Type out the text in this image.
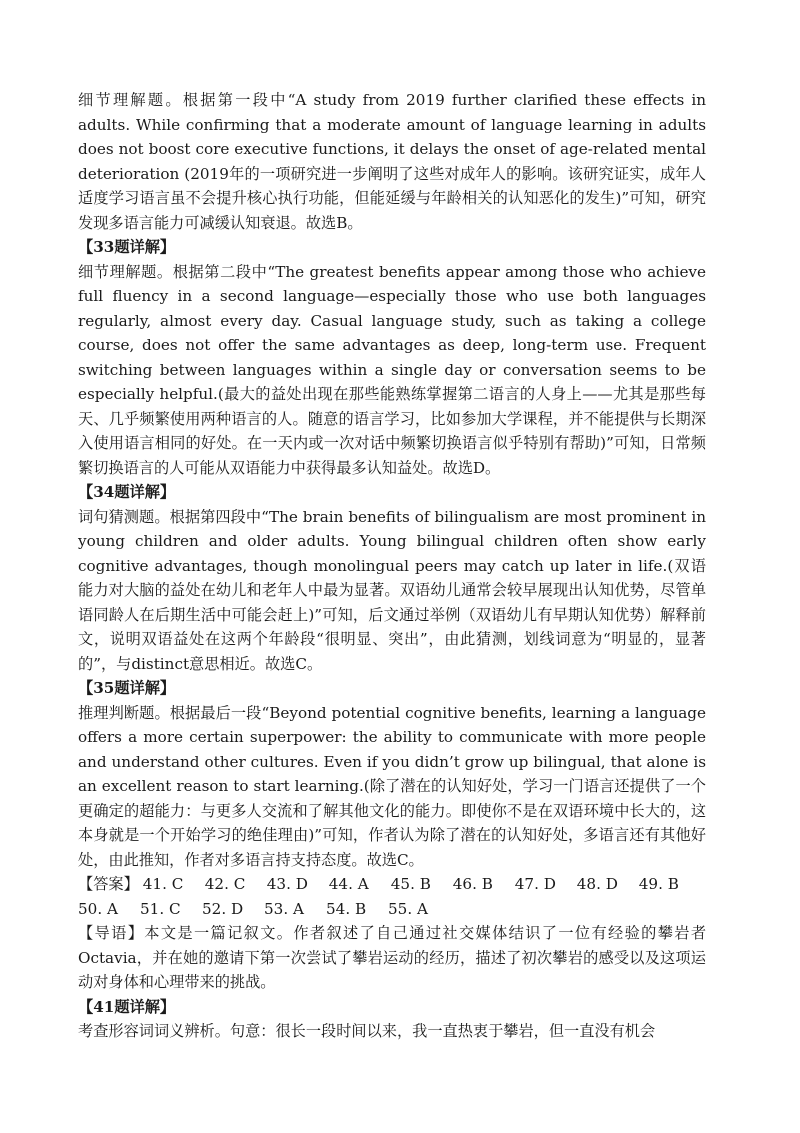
细节理解题。根据第一段中“A study from 2019 further clarified these effects in adults. While confirming that a moderate amount of language learning in adults does not boost core executive functions, it delays the onset of age-related mental deterioration (2019年的一项研究进一步阐明了这些对成年人的影响。该研究证实，成年人适度学习语言虽不会提升核心执行功能，但能延缓与年龄相关的认知恶化的发生)”可知，研究发现多语言能力可减缓认知衰退。故选B。

【33题详解】

细节理解题。根据第二段中“The greatest benefits appear among those who achieve full fluency in a second language—especially those who use both languages regularly, almost every day. Casual language study, such as taking a college course, does not offer the same advantages as deep, long-term use. Frequent switching between languages within a single day or conversation seems to be especially helpful.(最大的益处出现在那些能熟练掌握第二语言的人身上——尤其是那些每天、几乎频繁使用两种语言的人。随意的语言学习，比如参加大学课程，并不能提供与长期深入使用语言相同的好处。在一天内或一次对话中频繁切换语言似乎特别有帮助)”可知，日常频繁切换语言的人可能从双语能力中获得最多认知益处。故选D。

【34题详解】

词句猜测题。根据第四段中“The brain benefits of bilingualism are most prominent in young children and older adults. Young bilingual children often show early cognitive advantages, though monolingual peers may catch up later in life.(双语能力对大脑的益处在幼儿和老年人中最为显著。双语幼儿通常会较早展现出认知优势，尽管单语同龄人在后期生活中可能会赶上)”可知，后文通过举例（双语幼儿有早期认知优势）解释前文，说明双语益处在这两个年龄段“很明显、突出”，由此猜测，划线词意为“明显的，显著的”，与distinct意思相近。故选C。

【35题详解】

推理判断题。根据最后一段“Beyond potential cognitive benefits, learning a language offers a more certain superpower: the ability to communicate with more people and understand other cultures. Even if you didn’t grow up bilingual, that alone is an excellent reason to start learning.(除了潜在的认知好处，学习一门语言还提供了一个更确定的超能力：与更多人交流和了解其他文化的能力。即使你不是在双语环境中长大的，这本身就是一个开始学习的绝佳理由)”可知，作者认为除了潜在的认知好处，多语言还有其他好处，由此推知，作者对多语言持支持态度。故选C。

【答案】 41. C	42. C	43. D	44. A	45. B	46. B	47. D	48. D	49. B
50. A	51. C	52. D	53. A	54. B	55. A

【导语】本文是一篇记叙文。作者叙述了自己通过社交媒体结识了一位有经验的攀岩者Octavia，并在她的邀请下第一次尝试了攀岩运动的经历，描述了初次攀岩的感受以及这项运动对身体和心理带来的挑战。

【41题详解】

考查形容词词义辨析。句意：很长一段时间以来，我一直热衷于攀岩，但一直没有机会
